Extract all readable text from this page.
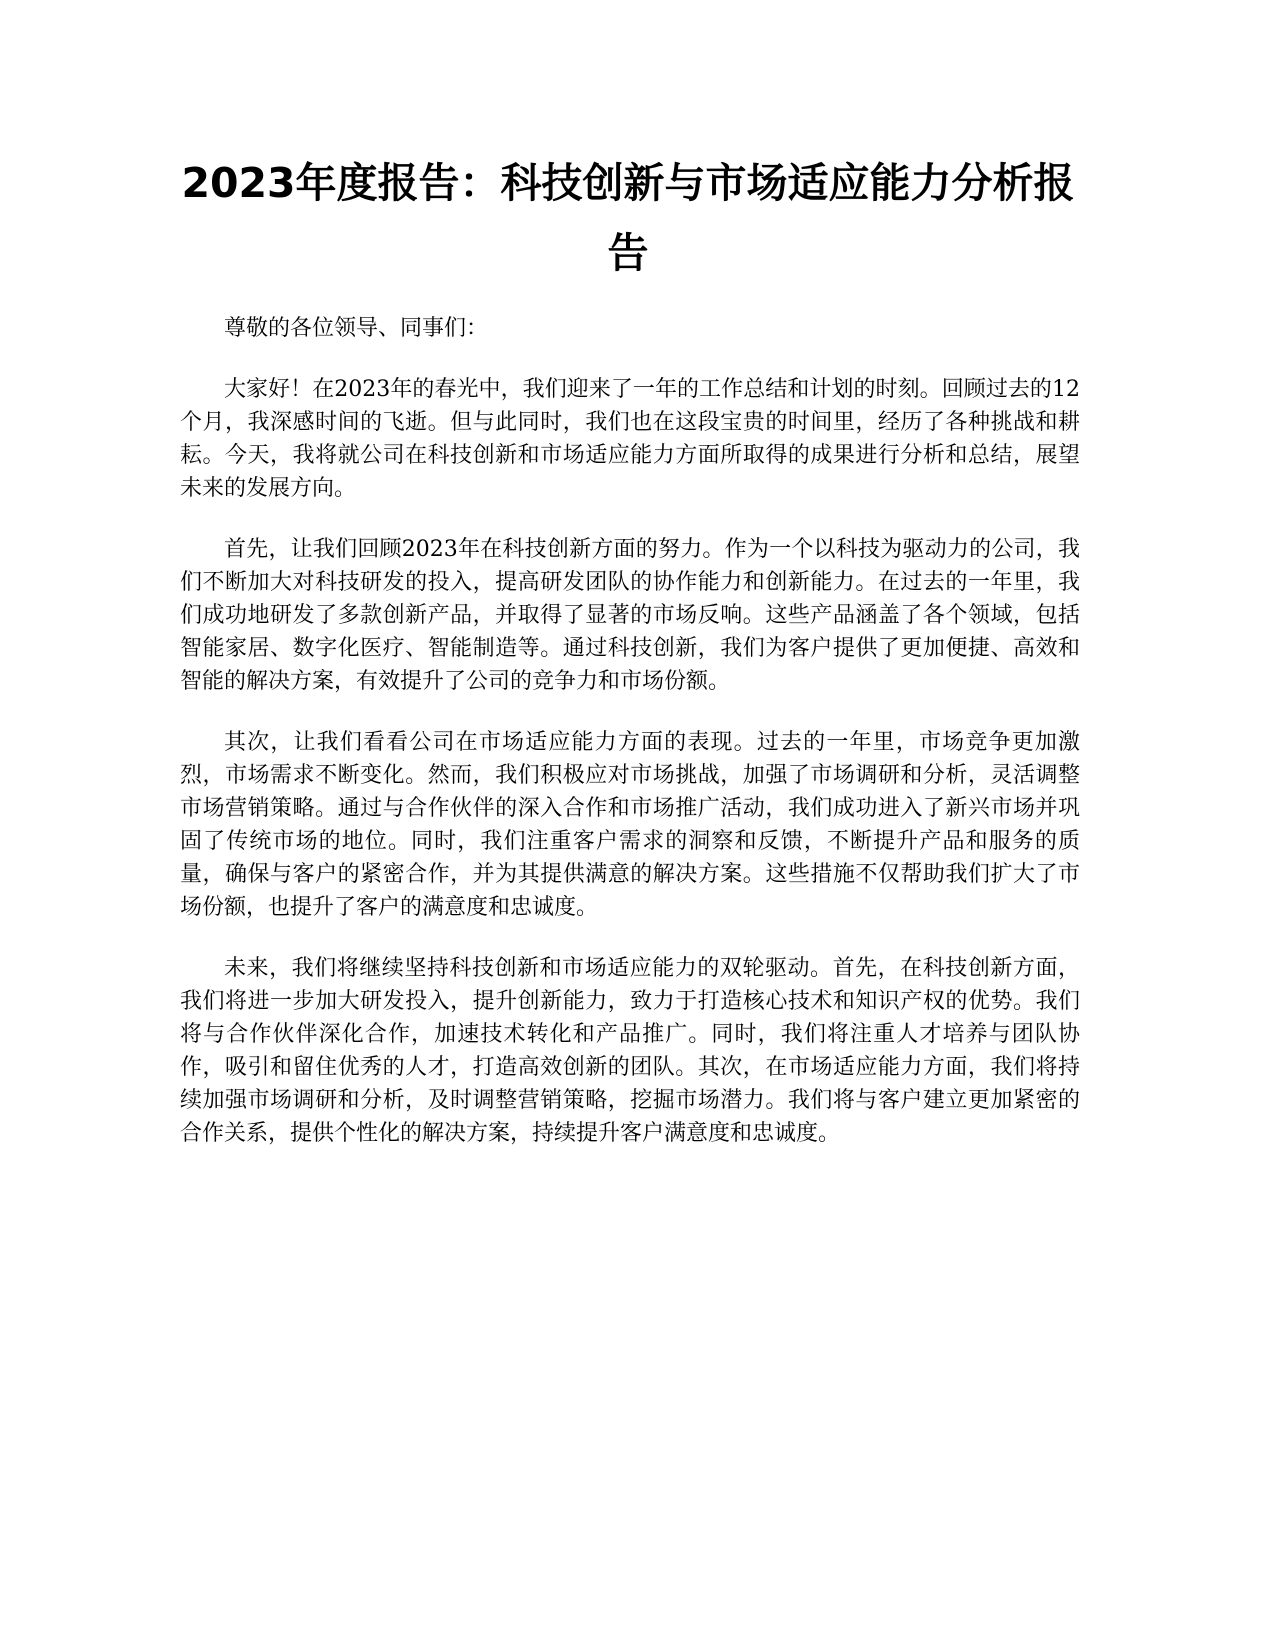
2023年度报告：科技创新与市场适应能力分析报告

尊敬的各位领导、同事们：

大家好！在2023年的春光中，我们迎来了一年的工作总结和计划的时刻。回顾过去的12个月，我深感时间的飞逝。但与此同时，我们也在这段宝贵的时间里，经历了各种挑战和耕耘。今天，我将就公司在科技创新和市场适应能力方面所取得的成果进行分析和总结，展望未来的发展方向。

首先，让我们回顾2023年在科技创新方面的努力。作为一个以科技为驱动力的公司，我们不断加大对科技研发的投入，提高研发团队的协作能力和创新能力。在过去的一年里，我们成功地研发了多款创新产品，并取得了显著的市场反响。这些产品涵盖了各个领域，包括智能家居、数字化医疗、智能制造等。通过科技创新，我们为客户提供了更加便捷、高效和智能的解决方案，有效提升了公司的竞争力和市场份额。

其次，让我们看看公司在市场适应能力方面的表现。过去的一年里，市场竞争更加激烈，市场需求不断变化。然而，我们积极应对市场挑战，加强了市场调研和分析，灵活调整市场营销策略。通过与合作伙伴的深入合作和市场推广活动，我们成功进入了新兴市场并巩固了传统市场的地位。同时，我们注重客户需求的洞察和反馈，不断提升产品和服务的质量，确保与客户的紧密合作，并为其提供满意的解决方案。这些措施不仅帮助我们扩大了市场份额，也提升了客户的满意度和忠诚度。

未来，我们将继续坚持科技创新和市场适应能力的双轮驱动。首先，在科技创新方面，我们将进一步加大研发投入，提升创新能力，致力于打造核心技术和知识产权的优势。我们将与合作伙伴深化合作，加速技术转化和产品推广。同时，我们将注重人才培养与团队协作，吸引和留住优秀的人才，打造高效创新的团队。其次，在市场适应能力方面，我们将持续加强市场调研和分析，及时调整营销策略，挖掘市场潜力。我们将与客户建立更加紧密的合作关系，提供个性化的解决方案，持续提升客户满意度和忠诚度。
